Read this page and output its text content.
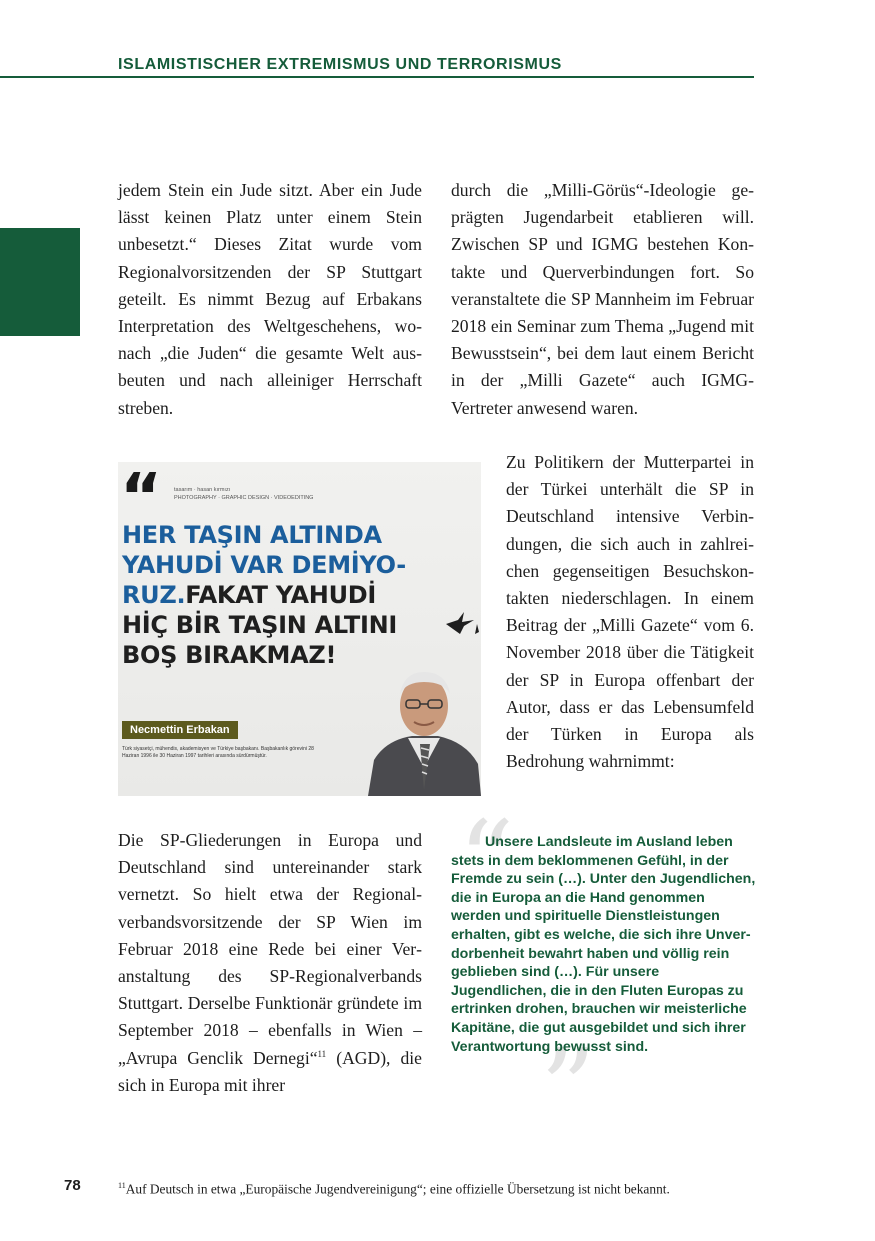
ISLAMISTISCHER EXTREMISMUS UND TERRORISMUS

jedem Stein ein Jude sitzt. Aber ein Jude lässt keinen Platz unter einem Stein unbesetzt.“ Dieses Zitat wurde vom Regionalvorsitzenden der SP Stuttgart geteilt. Es nimmt Bezug auf Erbakans Interpretation des Weltgeschehens, wonach „die Juden“ die gesamte Welt ausbeuten und nach alleiniger Herrschaft streben.

durch die „Milli-Görüs“-Ideologie geprägten Jugendarbeit etablieren will. Zwischen SP und IGMG bestehen Kontakte und Querverbindungen fort. So veranstaltete die SP Mannheim im Februar 2018 ein Seminar zum Thema „Jugend mit Bewusstsein“, bei dem laut einem Bericht in der „Milli Gazete“ auch IGMG-Vertreter anwesend waren.

“ tasarım · hasan kırmızı
PHOTOGRAPHY · GRAPHIC DESIGN · VIDEOEDITING
HER TAŞIN ALTINDA
YAHUDİ VAR DEMİYO-
RUZ.FAKAT YAHUDİ
HİÇ BİR TAŞIN ALTINI
BOŞ BIRAKMAZ!
Necmettin Erbakan
Türk siyasetçi, mühendis, akademisyen ve Türkiye başbakanı. Başbakanlık görevini 28 Haziran 1996 ile 30 Haziran 1997 tarihleri arasında sürdürmüştür.

Zu Politikern der Mutterpartei in der Türkei unterhält die SP in Deutschland intensive Verbindungen, die sich auch in zahlreichen gegenseitigen Besuchskontakten niederschlagen. In einem Beitrag der „Milli Gazete“ vom 6. November 2018 über die Tätigkeit der SP in Europa offenbart der Autor, dass er das Lebensumfeld der Türken in Europa als Bedrohung wahrnimmt:

Die SP-Gliederungen in Europa und Deutschland sind untereinander stark vernetzt. So hielt etwa der Regionalverbandsvorsitzende der SP Wien im Februar 2018 eine Rede bei einer Veranstaltung des SP-Regionalverbands Stuttgart. Derselbe Funktionär gründete im September 2018 – ebenfalls in Wien – „Avrupa Genclik Dernegi“$^{11}$ (AGD), die sich in Europa mit ihrer

“
”

Unsere Landsleute im Ausland leben stets in dem beklommenen Gefühl, in der Fremde zu sein (…). Unter den Jugendlichen, die in Europa an die Hand genommen werden und spirituelle Dienstleistungen erhalten, gibt es welche, die sich ihre Unverdorbenheit bewahrt haben und völlig rein geblieben sind (…). Für unsere Jugendlichen, die in den Fluten Europas zu ertrinken drohen, brauchen wir meisterliche Kapitäne, die gut ausgebildet und sich ihrer Verantwortung bewusst sind.

78	$^{11}$Auf Deutsch in etwa „Europäische Jugendvereinigung“; eine offizielle Übersetzung ist nicht bekannt.
